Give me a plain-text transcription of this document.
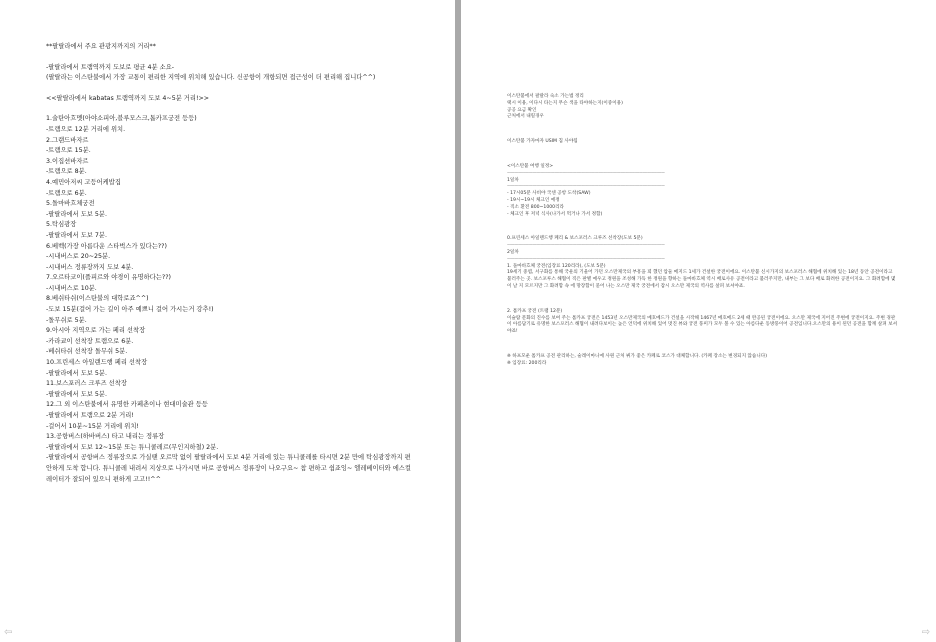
**팔랄라에서 주요 관광지까지의 거리**
-팔랄라에서 트램역까지 도보로 평균 4분 소요-
(팔랄라는 이스탄불에서 가장 교통이 편리한 지역에 위치해 있습니다. 신공항이 개항되면 접근성이 더 편리해 집니다^^)
<<팔랄라에서 kabatas 트램역까지 도보 4~5분 거리!>>
1.술탄아흐멧(아야소피아,블루모스크,톱카프궁전 등등)
-트램으로 12분 거리에 위치.
2.그랜드바자르
-트램으로 15분.
3.이집션바자르
-트램으로 8분.
4.예민아저씨 고등어케밥집
-트램으로 6분.
5.돌마바흐체궁전
-팔랄라에서 도보 5분.
5.탁심광장
-팔랄라에서 도보 7분.
6.베벡(가장 아름다운 스타벅스가 있다는??)
-시내버스로 20~25분.
-시내버스 정류장까지 도보 4분.
7.오르타코이(플피르와 야경이 유명하다는??)
-시내버스로 10분.
8.베쉬타쉬(이스탄불의 대학로죠^^)
-도보 15분(걸어 가는 길이 아주 예쁘니 걸어 가시는거 강추!)
-돌무쉬로 5분.
9.아시아 지역으로 가는 페리 선착장
-카라쿄이 선착장 트램으로 6분.
-베쉬타쉬 선착장 돌무쉬 5분.
10.프린세스 아일랜드행 페리 선착장
-팔랄라에서 도보 5분.
11.보스포러스 크루즈 선착장
-팔랄라에서 도보 5분.
12.그 외 이스탄불에서 유명한 카페촌이나 현대미술관 등등
-팔랄라에서 트램으로 2분 거리!
-걸어서 10분~15분 거리에 위치!
13.공항버스(하바버스) 타고 내리는 정류장
-팔랄라에서 도보 12~15분 또는 튜니쿨레르(무인지하철) 2분.
-팔랄라에서 공항버스 정류장으로 가실땐 오르막 없이 팔랄라에서 도보 4분 거리에 있는 튜니쿨레를 타시면 2분 만에 탁심광장까지 편안하게 도착 합니다. 튜니쿨레 내려서 지상으로 나가시면 바로 공항버스 정류장이 나오구요~ 참 편하고 쉽죠잉~ 엘레베이터와 에스컬레이터가 잘되어 있으니 편하게 고고!!^^
이스탄불에서 팔랄라 숙소 가는법 정리
택시 이용, 이다시 타는지 무슨 색을 타야하는지(이중이용)
공공 요금 확인
근처에서 내릴경우
이스탄불 가자마자 USIM 칩 사야됨
<이스탄불 여행 일정>
----------------------------------------------------------------------------------------------------------------------------------------
1일차
----------------------------------------------------------------------------------------------------------------------------------------
- 17시05분 사비야 국센 공항 도착(SAW)
- 19시~19시 체크인 예정
- 직소 환전 800~1000리라
- 체크인 후 저녁 식사(나가서 먹거나 가서 정함)
0.프린세스 아일랜드행 페리 & 보스포러스 크루즈 선착장(도보 5분)
----------------------------------------------------------------------------------------------------------------------------------------
2일차
----------------------------------------------------------------------------------------------------------------------------------------
1. 돌마바흐체 궁전(입장료 120리라), (도보 5분)
19세기 중엽, 서구화를 통해 국운의 기울어 가던 오스만제국의 부흥을 꾀 했던 압둘 메지드 1세가 건설한 궁전이에요. 이스탄불 신시가지의 보스포러스 해협에 위치해 있는 18년 동안 공전이라고 불러주는 곳. 보스포루스 해협이 직은 판별 예우고 정원을 조성해 가득 한 정원을 향하는 돌마바흐체 역시 배로사유 공전이라고 불러주지만, 내부는 그 보다 배로 화려한 공전이지요. 그 화려함에 몇이 날 지 모르지만 그 화려함 속 에 망장함이 묻어 나는 오스만 제국 궁전에서 잠시 오스만 제국의 역사를 살펴 보셔야죠.
2. 톱카프 궁전 (트램 12분)
이슬람 문화의 진수를 보여 주는 톱카프 궁전은 1453년 오스만제국의 메호메드가 건설을 시작해 1467년 메호메드 2세 때 완공된 궁전이에요. 오스만 제국에 지어진 주변에 궁전이지요. 주변 경관이 아름답기로 유명한 보스포러스 해협이 내려다보이는 높은 언덕에 위치해 있어 멋진 뷰와 궁전 풍미가 모두 볼 수 있는 아름다운 동방풍이어 공전입니다.오스만의 용이 된던 공전을 함께 살펴 보셔야죠!
※ 하프모운 톱카프 공전 관리하는, 술레이마니예 사원 근처 뷔가 좋은 카페로 코스가 대체합니다. (카페 장소는 변경되지 않습니다)
※ 입장료: 200리라
⇦	⇨
